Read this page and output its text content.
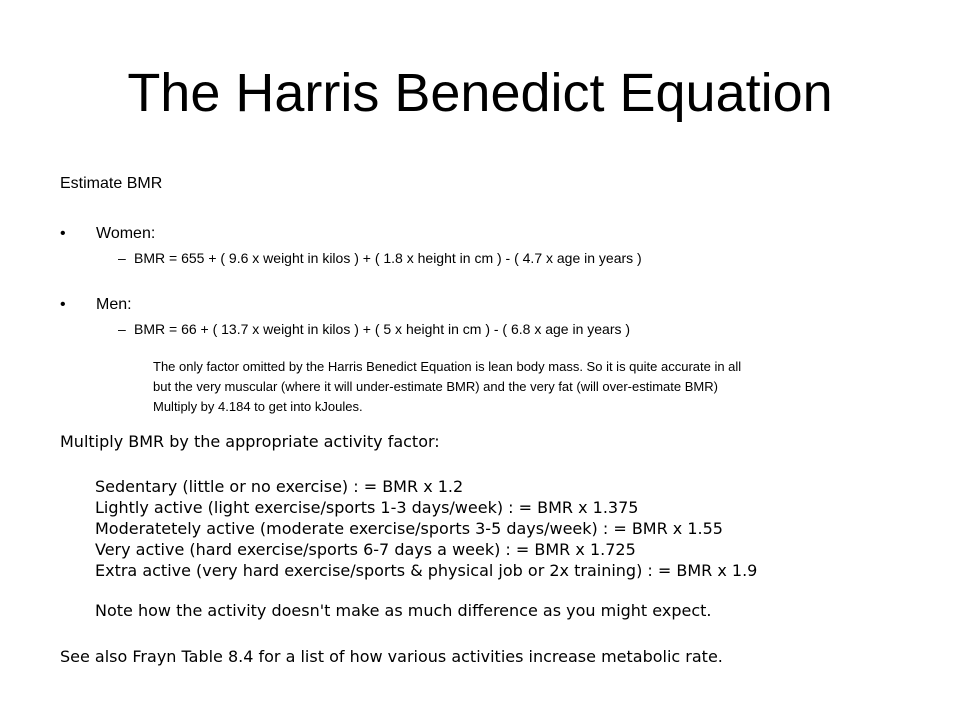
The Harris Benedict Equation
Estimate BMR
• Women:
– BMR = 655 + ( 9.6 x weight in kilos ) + ( 1.8 x height in cm ) - ( 4.7 x age in years )
• Men:
– BMR = 66 + ( 13.7 x weight in kilos ) + ( 5 x height in cm ) - ( 6.8 x age in years )
The only factor omitted by the Harris Benedict Equation is lean body mass. So it is quite accurate in all
but the very muscular (where it will under-estimate BMR) and the very fat (will over-estimate BMR)
Multiply by 4.184 to get into kJoules.
Multiply BMR by the appropriate activity factor:
Sedentary (little or no exercise) : = BMR x 1.2
Lightly active (light exercise/sports 1-3 days/week) : = BMR x 1.375
Moderatetely active (moderate exercise/sports 3-5 days/week) : = BMR x 1.55
Very active (hard exercise/sports 6-7 days a week) : = BMR x 1.725
Extra active (very hard exercise/sports & physical job or 2x training) : = BMR x 1.9
Note how the activity doesn't make as much difference as you might expect.
See also Frayn Table 8.4 for a list of how various activities increase metabolic rate.
